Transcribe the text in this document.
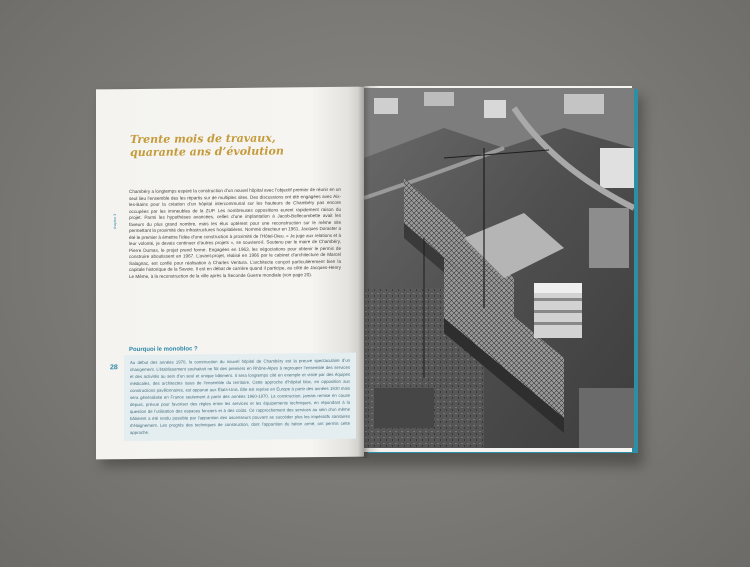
Trente mois de travaux,
quarante ans d’évolution
chapitre 3
Chambéry a longtemps espéré la construction d’un nouvel hôpital avec l’objectif premier de réunir en un seul lieu l’ensemble des les répartis sur de multiples sites. Des discussions ont été engagées avec Aix-les-Bains pour la création d’un hôpital intercommunal sur les hauteurs de Chambéry pas encore occupées par les immeubles de la ZUP. Les nombreuses oppositions eurent rapidement raison du projet. Parmi les hypothèses avancées, celles d’une implantation à Jacob-Bellecombette avait les faveurs du plus grand nombre, mais les élus optèrent pour une reconstruction sur le même site permettant la proximité des infrastructures hospitalières. Nommé directeur en 1961, Jacques Doraster a été le premier à émettre l’idée d’une construction à proximité de l’Hôtel-Dieu. « Je juge aux relations et à leur volonté, je devais continuer d’autres projets », se souvient-il. Soutenu par le maire de Chambéry, Pierre Dumas, le projet prend forme. Engagées en 1963, les négociations pour obtenir le permis de construire aboutissent en 1967. L’avant-projet, réalisé en 1966 par le cabinet d’architecture de Marcel Salagnac, est confié pour réalisation à Charles Ventura. L’architecte conçoit particulièrement bien la capitale historique de la Savoie. Il est en débat de carrière quand il participe, au côté de Jacques-Henry Le Même, à la reconstruction de la ville après la Seconde Guerre mondiale (voir page 20).
Pourquoi le monobloc ?
Au début des années 1970, la construction du nouvel hôpital de Chambéry est la preuve spectaculaire d’un changement. L’établissement souhaitait ne fût des premiers en Rhône-Alpes à regrouper l’ensemble des services et des activités au sein d’un seul et unique bâtiment. Il sera longtemps cité en exemple et visité par des équipes médicales, des architectes issus de l’ensemble du territoire. Cette approche d’hôpital bloc, en opposition aux constructions pavillonnaires, est apparue aux États-Unis. Elle est reprise en Europe à partir des années 1930 mais sera généralisée en France seulement à partir des années 1960-1970. La construction, jamais remise en cause depuis, prévue pour favoriser des règles entre les services et les équipements techniques, en répondant à la question de l’utilisation des espaces fonciers et à des coûts. Ce rapprochement des services au sein d’un même bâtiment a été rendu possible par l’apparition des ascenseurs pouvant se succéder plus les impératifs sanitaires d’éloignement. Les progrès des techniques de construction, dont l’apparition du béton armé, ont permis cette approche.
28
